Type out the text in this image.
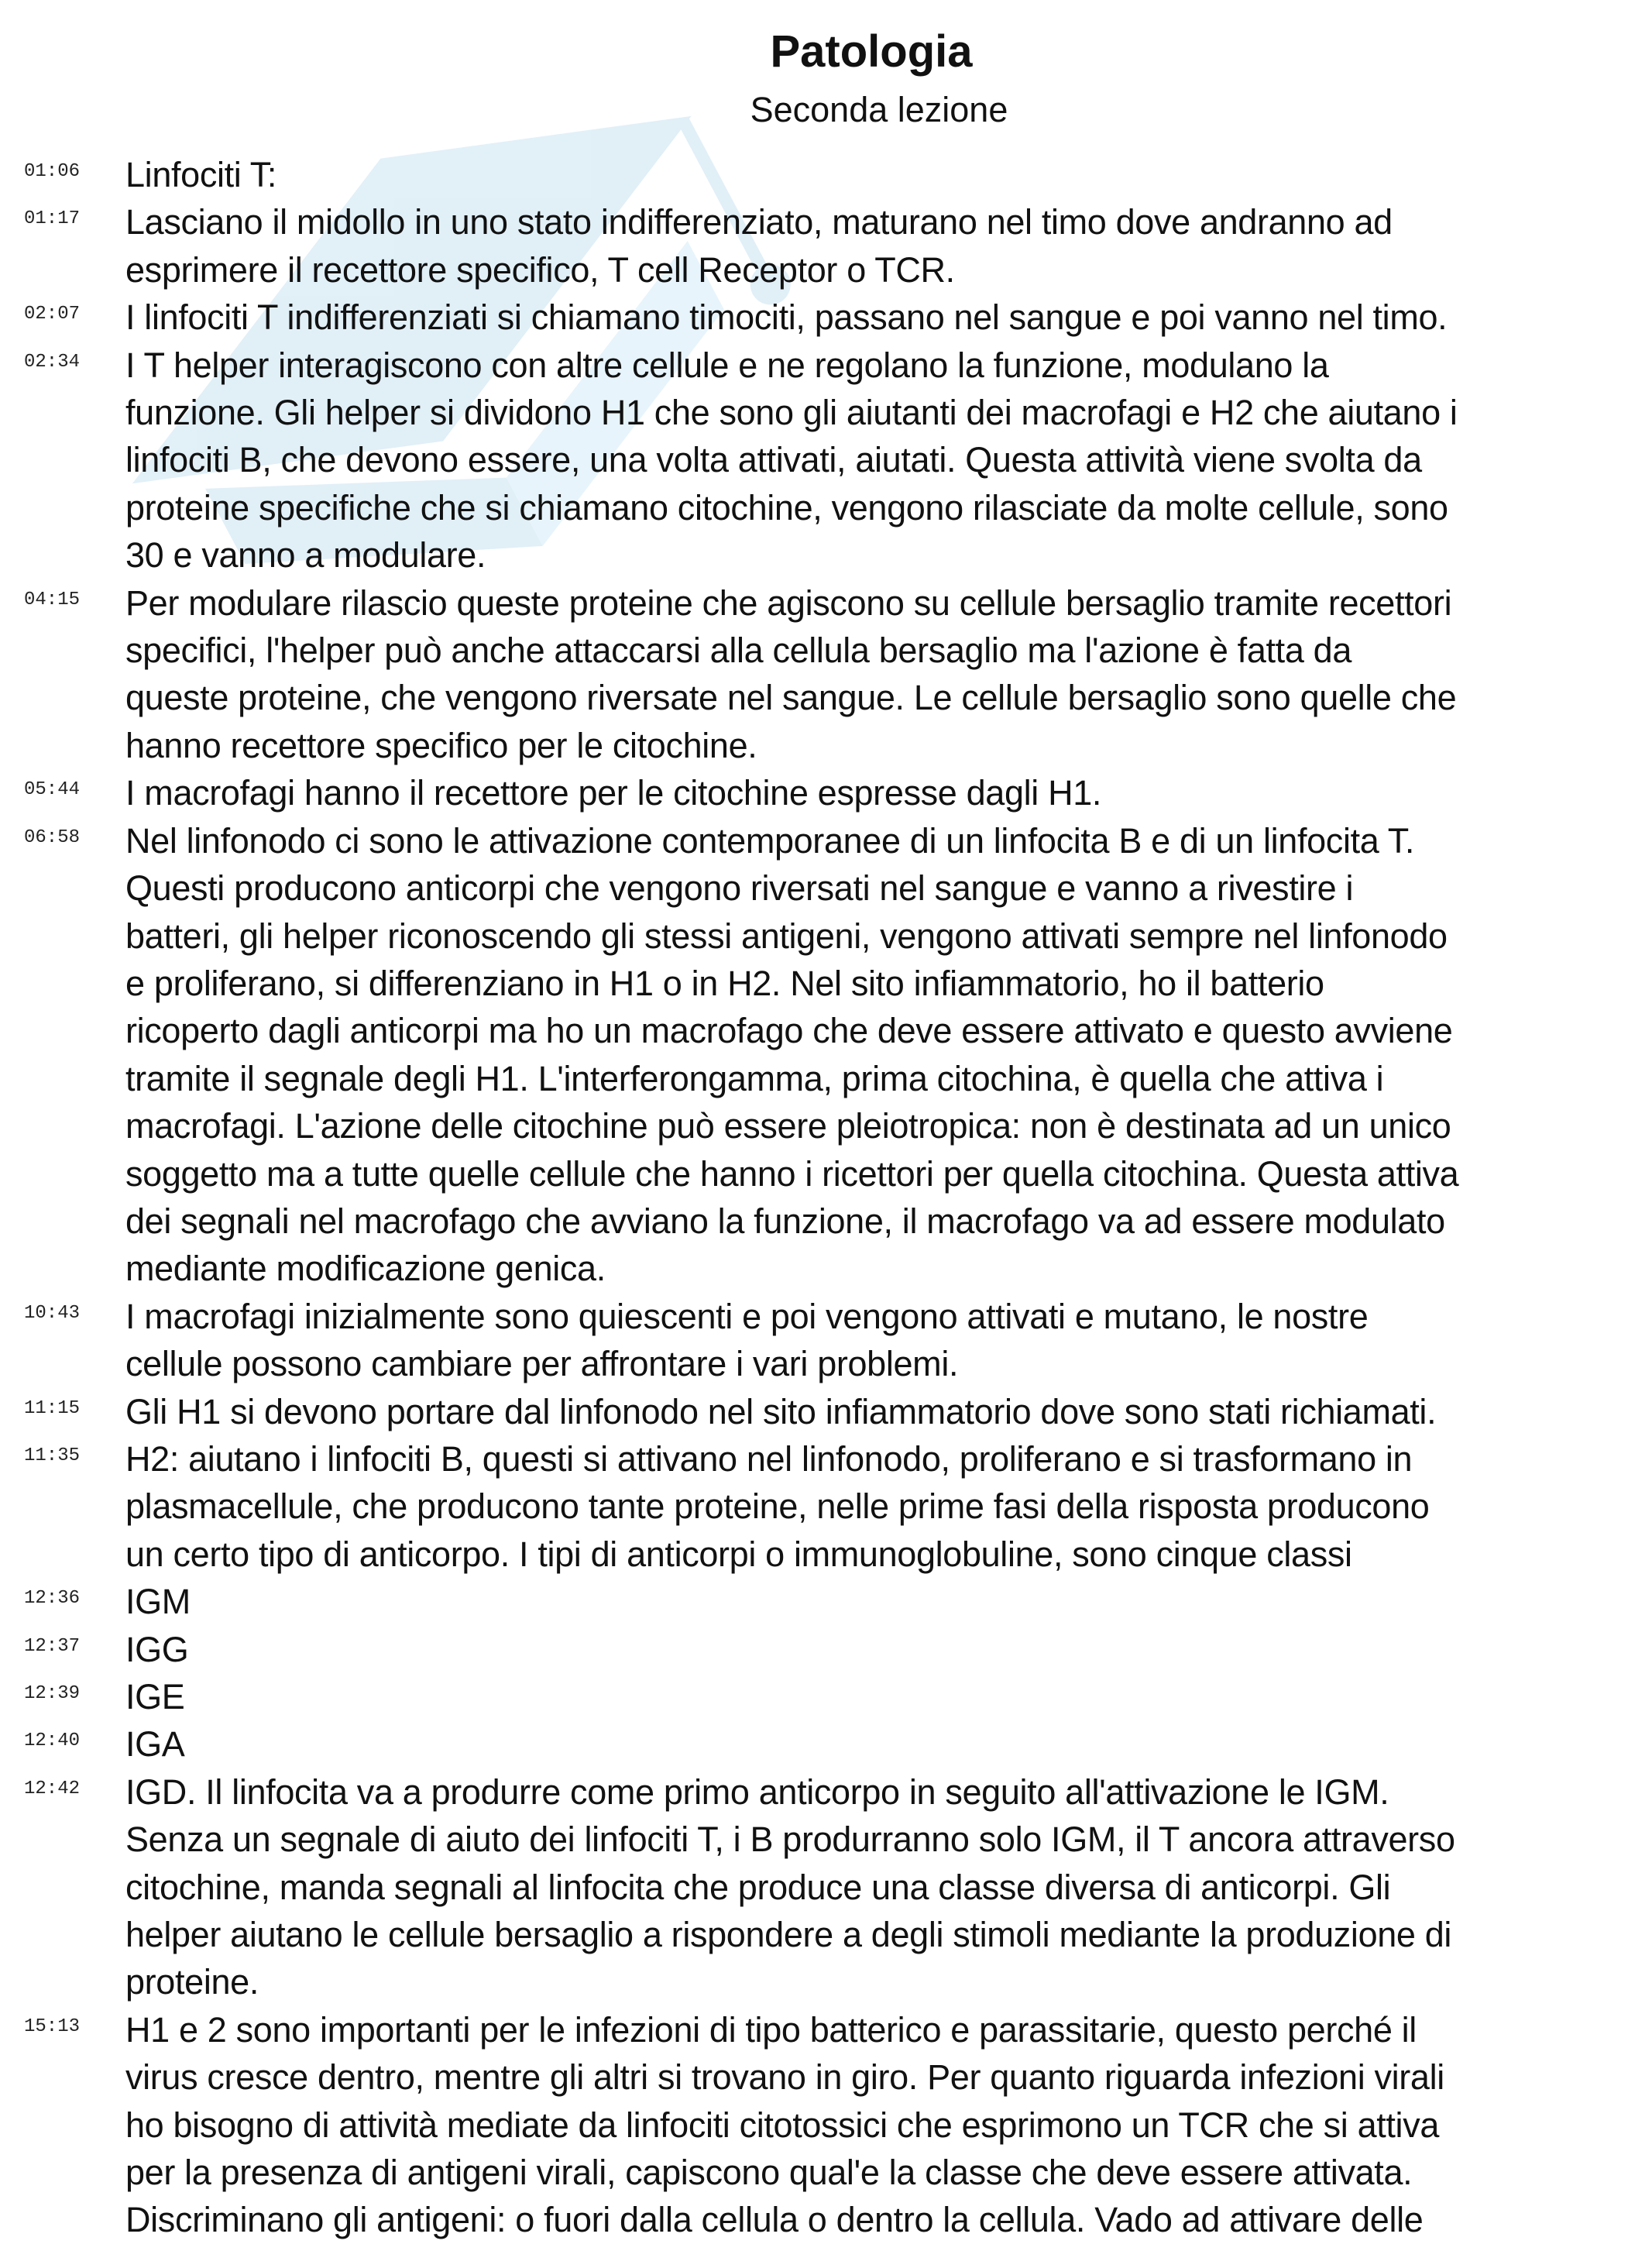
Patologia
Seconda lezione
01:06 Linfociti T:

01:17 Lasciano il midollo in uno stato indifferenziato, maturano nel timo dove andranno ad
esprimere il recettore specifico, T cell Receptor o TCR.

02:07 I linfociti T indifferenziati si chiamano timociti, passano nel sangue e poi vanno nel timo.

02:34 I T helper interagiscono con altre cellule e ne regolano la funzione, modulano la
funzione. Gli helper si dividono H1 che sono gli aiutanti dei macrofagi e H2 che aiutano i
linfociti B, che devono essere, una volta attivati, aiutati. Questa attività viene svolta da
proteine specifiche che si chiamano citochine, vengono rilasciate da molte cellule, sono
30 e vanno a modulare.

04:15 Per modulare rilascio queste proteine che agiscono su cellule bersaglio tramite recettori
specifici, l'helper può anche attaccarsi alla cellula bersaglio ma l'azione è fatta da
queste proteine, che vengono riversate nel sangue. Le cellule bersaglio sono quelle che
hanno recettore specifico per le citochine.

05:44 I macrofagi hanno il recettore per le citochine espresse dagli H1.

06:58 Nel linfonodo ci sono le attivazione contemporanee di un linfocita B e di un linfocita T.
Questi producono anticorpi che vengono riversati nel sangue e vanno a rivestire i
batteri, gli helper riconoscendo gli stessi antigeni, vengono attivati sempre nel linfonodo
e proliferano, si differenziano in H1 o in H2. Nel sito infiammatorio, ho il batterio
ricoperto dagli anticorpi ma ho un macrofago che deve essere attivato e questo avviene
tramite il segnale degli H1. L'interferongamma, prima citochina, è quella che attiva i
macrofagi. L'azione delle citochine può essere pleiotropica: non è destinata ad un unico
soggetto ma a tutte quelle cellule che hanno i ricettori per quella citochina. Questa attiva
dei segnali nel macrofago che avviano la funzione, il macrofago va ad essere modulato
mediante modificazione genica.

10:43 I macrofagi inizialmente sono quiescenti e poi vengono attivati e mutano, le nostre
cellule possono cambiare per affrontare i vari problemi.

11:15 Gli H1 si devono portare dal linfonodo nel sito infiammatorio dove sono stati richiamati.

11:35 H2: aiutano i linfociti B, questi si attivano nel linfonodo, proliferano e si trasformano in
plasmacellule, che producono tante proteine, nelle prime fasi della risposta producono
un certo tipo di anticorpo. I tipi di anticorpi o immunoglobuline, sono cinque classi

12:36 IGM

12:37 IGG

12:39 IGE

12:40 IGA

12:42 IGD. Il linfocita va a produrre come primo anticorpo in seguito all'attivazione le IGM.
Senza un segnale di aiuto dei linfociti T, i B produrranno solo IGM, il T ancora attraverso
citochine, manda segnali al linfocita che produce una classe diversa di anticorpi. Gli
helper aiutano le cellule bersaglio a rispondere a degli stimoli mediante la produzione di
proteine.

15:13 H1 e 2 sono importanti per le infezioni di tipo batterico e parassitarie, questo perché il
virus cresce dentro, mentre gli altri si trovano in giro. Per quanto riguarda infezioni virali
ho bisogno di attività mediate da linfociti citotossici che esprimono un TCR che si attiva
per la presenza di antigeni virali, capiscono qual'e la classe che deve essere attivata.
Discriminano gli antigeni: o fuori dalla cellula o dentro la cellula. Vado ad attivare delle
